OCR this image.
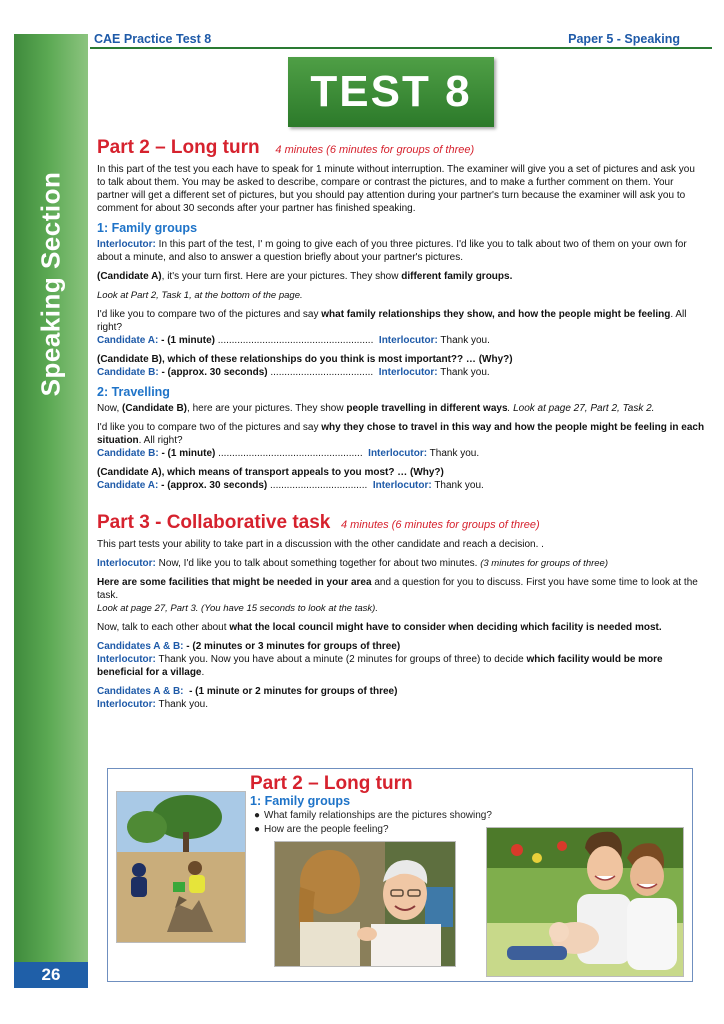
Speaking Section
26
CAE Practice Test 8	Paper 5 - Speaking
TEST 8
Part 2 – Long turn 4 minutes (6 minutes for groups of three)

In this part of the test you each have to speak for 1 minute without interruption. The examiner will give you a set of pictures and ask you to talk about them. You may be asked to describe, compare or contrast the pictures, and to make a further comment on them. Your partner will get a different set of pictures, but you should pay attention during your partner's turn because the examiner will ask you to comment for about 30 seconds after your partner has finished speaking.

1: Family groups

Interlocutor: In this part of the test, I' m going to give each of you three pictures. I'd like you to talk about two of them on your own for about a minute, and also to answer a question briefly about your partner's pictures.

(Candidate A), it's your turn first. Here are your pictures. They show different family groups.

Look at Part 2, Task 1, at the bottom of the page.

I'd like you to compare two of the pictures and say what family relationships they show, and how the people might be feeling. All right?

Candidate A: - (1 minute) ........................................................ Interlocutor: Thank you.

(Candidate B), which of these relationships do you think is most important?? … (Why?)

Candidate B: - (approx. 30 seconds) ..................................... Interlocutor: Thank you.

2: Travelling

Now, (Candidate B), here are your pictures. They show people travelling in different ways. Look at page 27, Part 2, Task 2.

I'd like you to compare two of the pictures and say why they chose to travel in this way and how the people might be feeling in each situation. All right?

Candidate B: - (1 minute) .................................................... Interlocutor: Thank you.

(Candidate A), which means of transport appeals to you most? … (Why?)

Candidate A: - (approx. 30 seconds) ................................... Interlocutor: Thank you.

Part 3 - Collaborative task 4 minutes (6 minutes for groups of three)

This part tests your ability to take part in a discussion with the other candidate and reach a decision. .

Interlocutor: Now, I'd like you to talk about something together for about two minutes. (3 minutes for groups of three)

Here are some facilities that might be needed in your area and a question for you to discuss. First you have some time to look at the task.

Look at page 27, Part 3. (You have 15 seconds to look at the task).

Now, talk to each other about what the local council might have to consider when deciding which facility is needed most.

Candidates A & B: - (2 minutes or 3 minutes for groups of three)

Interlocutor: Thank you. Now you have about a minute (2 minutes for groups of three) to decide which facility would be more beneficial for a village.

Candidates A & B: - (1 minute or 2 minutes for groups of three)

Interlocutor: Thank you.

Part 2 – Long turn
1: Family groups
● What family relationships are the pictures showing?
● How are the people feeling?
